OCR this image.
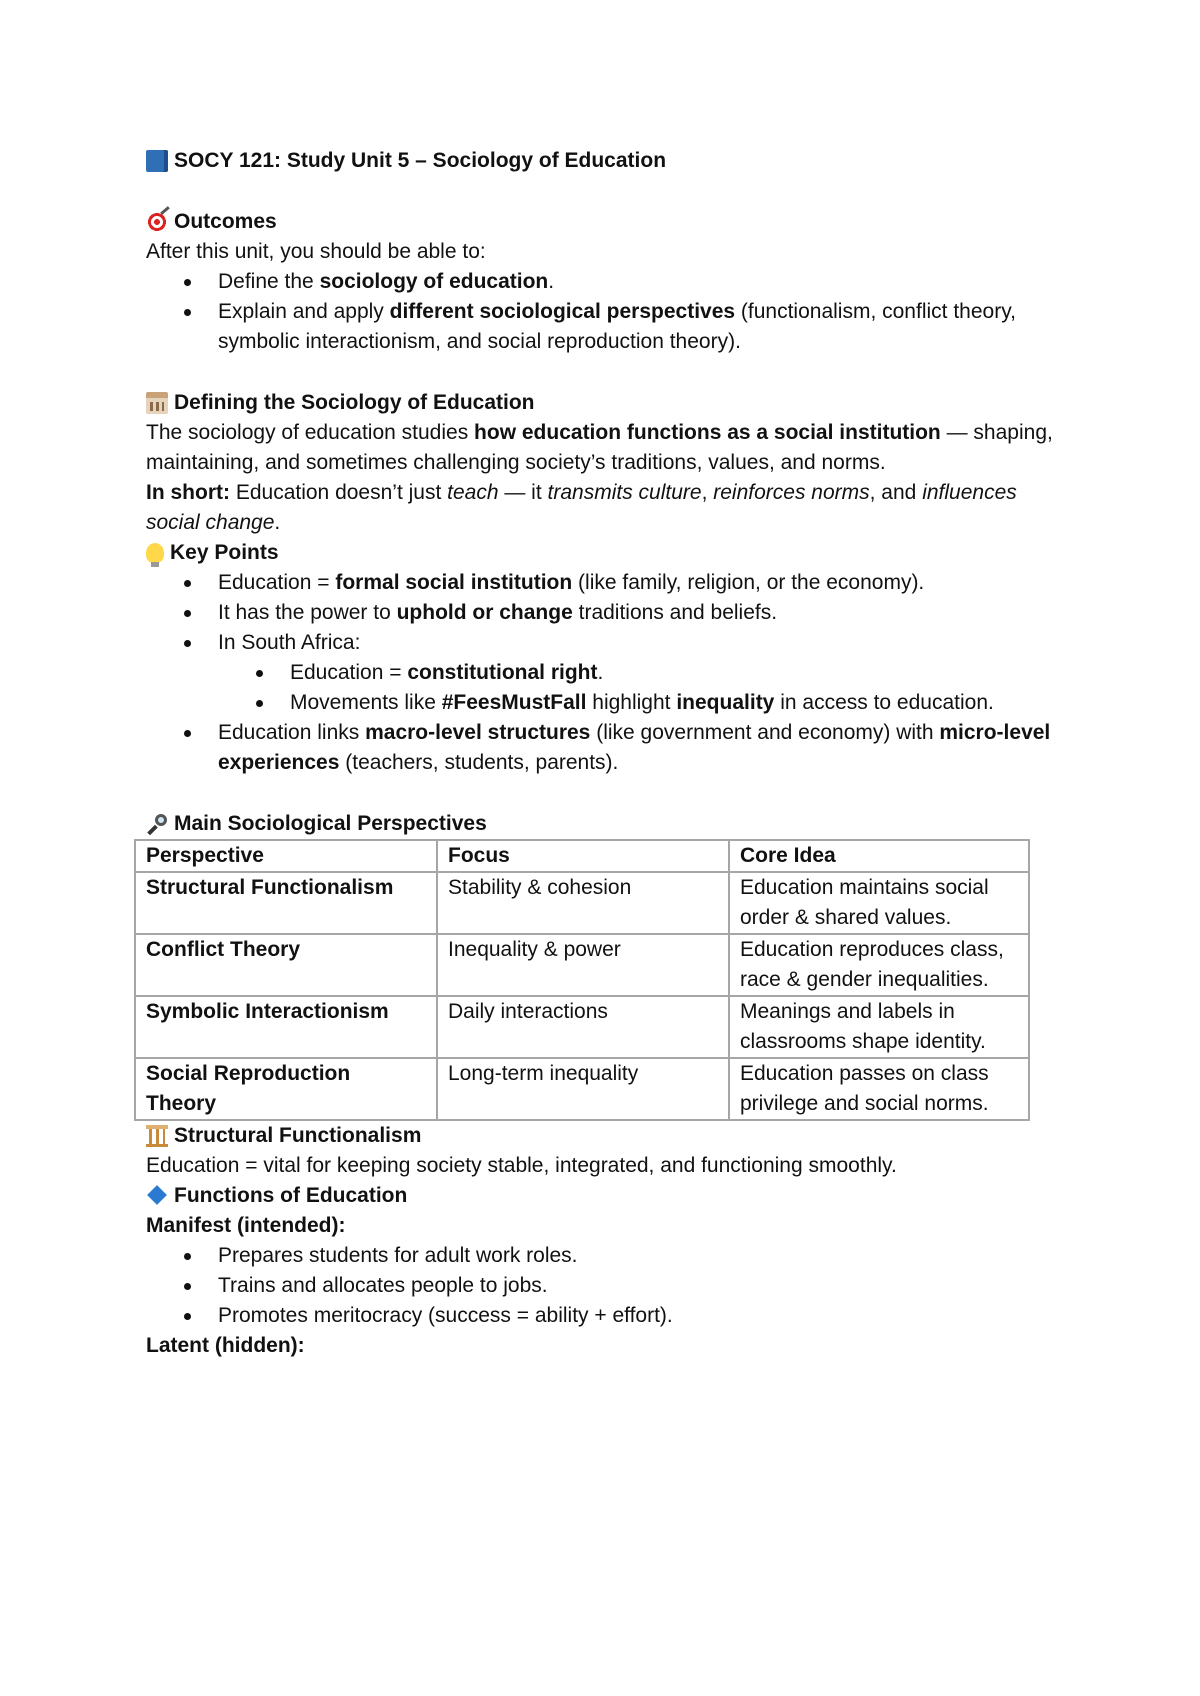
SOCY 121: Study Unit 5 – Sociology of Education

Outcomes

After this unit, you should be able to:

Define the sociology of education.
Explain and apply different sociological perspectives (functionalism, conflict theory, symbolic interactionism, and social reproduction theory).

Defining the Sociology of Education

The sociology of education studies how education functions as a social institution — shaping, maintaining, and sometimes challenging society’s traditions, values, and norms.

In short: Education doesn’t just teach — it transmits culture, reinforces norms, and influences social change.

Key Points

Education = formal social institution (like family, religion, or the economy).
It has the power to uphold or change traditions and beliefs.
In South Africa:
Education = constitutional right.
Movements like #FeesMustFall highlight inequality in access to education.
Education links macro-level structures (like government and economy) with micro-level experiences (teachers, students, parents).

Main Sociological Perspectives

Perspective	Focus	Core Idea
Structural Functionalism	Stability & cohesion	Education maintains social order & shared values.
Conflict Theory	Inequality & power	Education reproduces class, race & gender inequalities.
Symbolic Interactionism	Daily interactions	Meanings and labels in classrooms shape identity.
Social Reproduction Theory	Long-term inequality	Education passes on class privilege and social norms.

Structural Functionalism

Education = vital for keeping society stable, integrated, and functioning smoothly.

Functions of Education

Manifest (intended):

Prepares students for adult work roles.
Trains and allocates people to jobs.
Promotes meritocracy (success = ability + effort).

Latent (hidden):
